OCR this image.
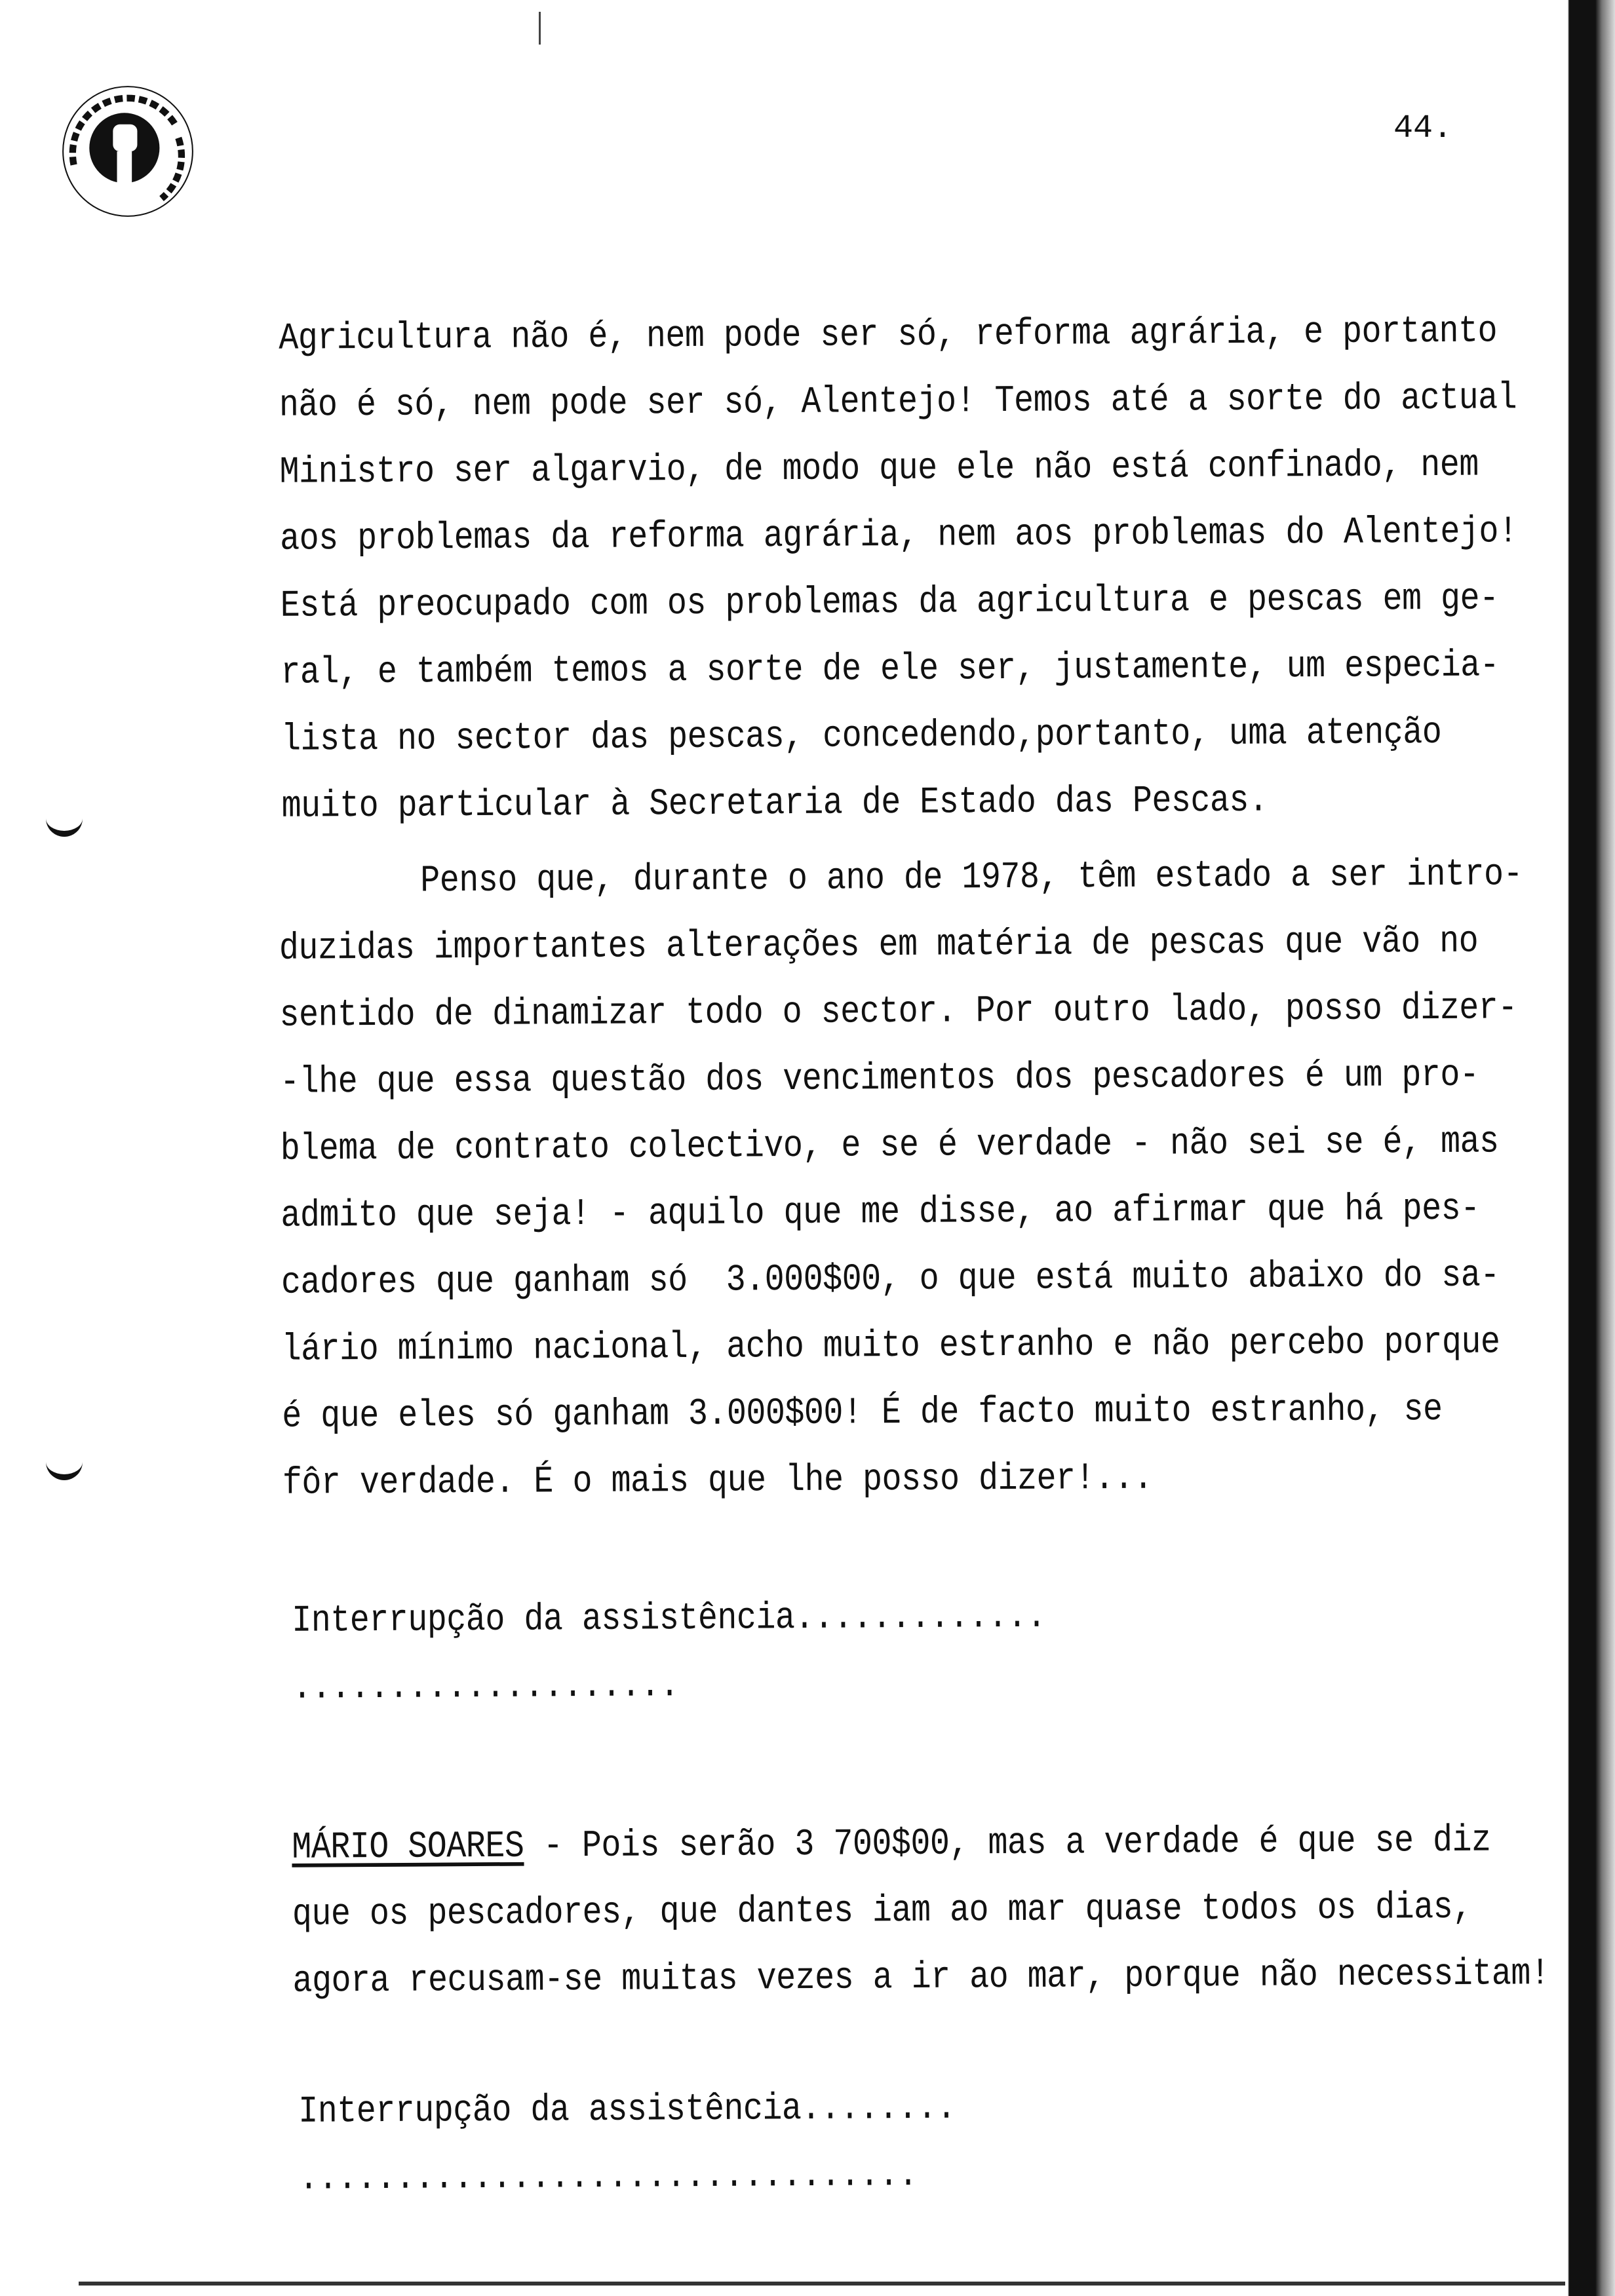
44.
Agricultura não é, nem pode ser só, reforma agrária, e portanto
não é só, nem pode ser só, Alentejo! Temos até a sorte do actual
Ministro ser algarvio, de modo que ele não está confinado, nem
aos problemas da reforma agrária, nem aos problemas do Alentejo!
Está preocupado com os problemas da agricultura e pescas em ge-
ral, e também temos a sorte de ele ser, justamente, um especia-
lista no sector das pescas, concedendo,portanto, uma atenção
muito particular à Secretaria de Estado das Pescas.
Penso que, durante o ano de 1978, têm estado a ser intro-
duzidas importantes alterações em matéria de pescas que vão no
sentido de dinamizar todo o sector. Por outro lado, posso dizer-
-lhe que essa questão dos vencimentos dos pescadores é um pro-
blema de contrato colectivo, e se é verdade - não sei se é, mas
admito que seja! - aquilo que me disse, ao afirmar que há pes-
cadores que ganham só  3.000$00, o que está muito abaixo do sa-
lário mínimo nacional, acho muito estranho e não percebo porque
é que eles só ganham 3.000$00! É de facto muito estranho, se
fôr verdade. É o mais que lhe posso dizer!...
Interrupção da assistência.............
....................
MÁRIO SOARES - Pois serão 3 700$00, mas a verdade é que se diz
que os pescadores, que dantes iam ao mar quase todos os dias,
agora recusam-se muitas vezes a ir ao mar, porque não necessitam!
Interrupção da assistência........
................................
